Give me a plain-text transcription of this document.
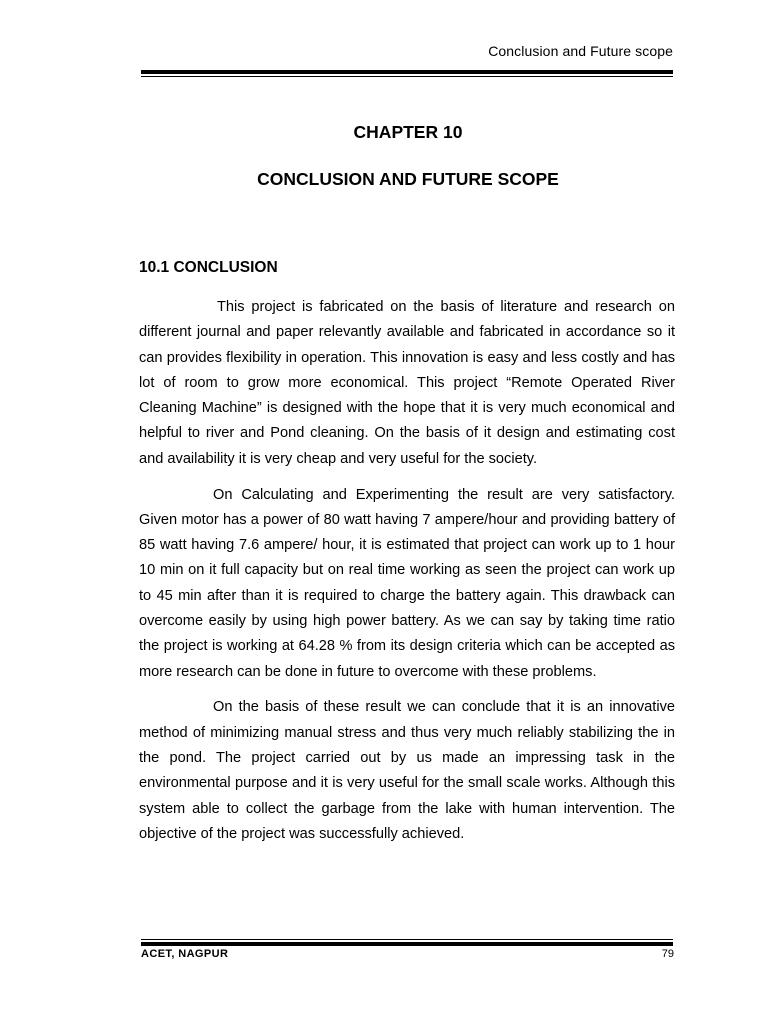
Conclusion and Future scope
CHAPTER 10
CONCLUSION AND FUTURE SCOPE
10.1 CONCLUSION

This project is fabricated on the basis of literature and research on different journal and paper relevantly available and fabricated in accordance so it can provides flexibility in operation. This innovation is easy and less costly and has lot of room to grow more economical. This project “Remote Operated River Cleaning Machine” is designed with the hope that it is very much economical and helpful to river and Pond cleaning. On the basis of it design and estimating cost and availability it is very cheap and very useful for the society.

On Calculating and Experimenting the result are very satisfactory. Given motor has a power of 80 watt having 7 ampere/hour and providing battery of 85 watt having 7.6 ampere/ hour, it is estimated that project can work up to 1 hour 10 min on it full capacity but on real time working as seen the project can work up to 45 min after than it is required to charge the battery again. This drawback can overcome easily by using high power battery. As we can say by taking time ratio the project is working at 64.28 % from its design criteria which can be accepted as more research can be done in future to overcome with these problems.

On the basis of these result we can conclude that it is an innovative method of minimizing manual stress and thus very much reliably stabilizing the in the pond. The project carried out by us made an impressing task in the environmental purpose and it is very useful for the small scale works. Although this system able to collect the garbage from the lake with human intervention. The objective of the project was successfully achieved.

ACET, NAGPUR	79
